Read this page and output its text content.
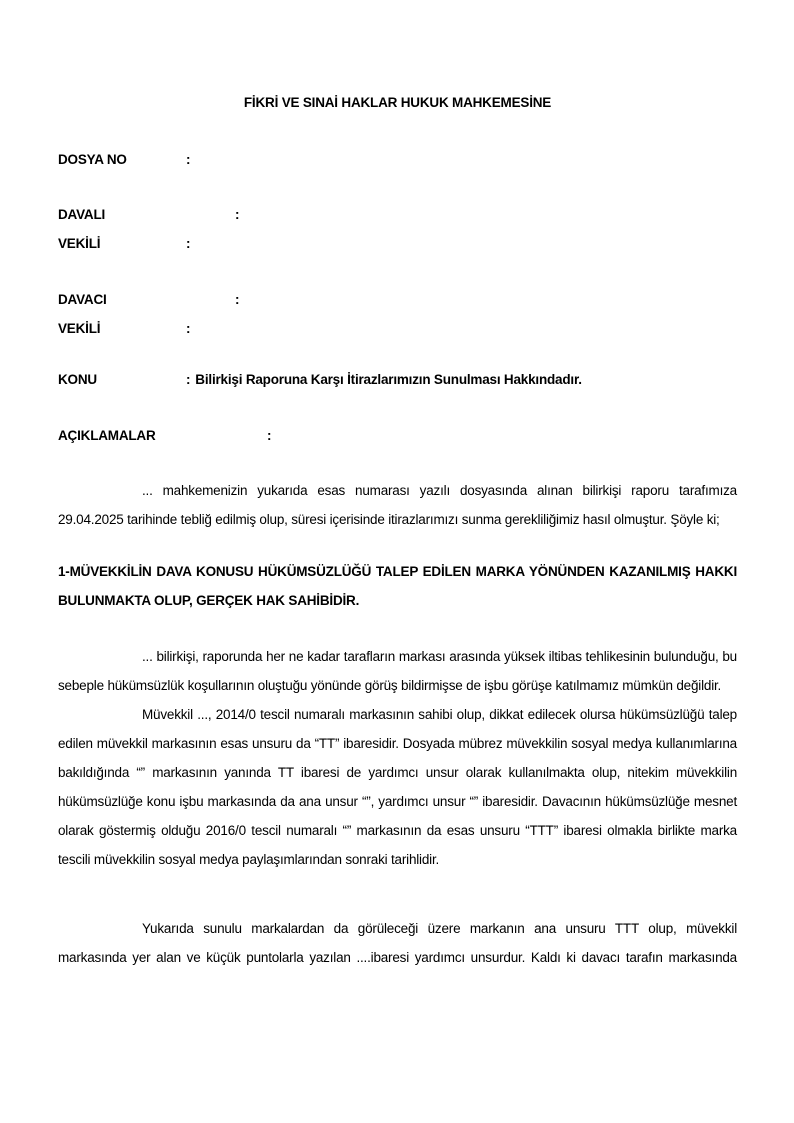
FİKRİ VE SINAİ HAKLAR HUKUK MAHKEMESİNE
DOSYA NO	:
DAVALI	:
VEKİLİ	:
DAVACI	:
VEKİLİ	:
KONU	: Bilirkişi Raporuna Karşı İtirazlarımızın Sunulması Hakkındadır.
AÇIKLAMALAR	:

... mahkemenizin yukarıda esas numarası yazılı dosyasında alınan bilirkişi raporu tarafımıza 29.04.2025 tarihinde tebliğ edilmiş olup, süresi içerisinde itirazlarımızı sunma gerekliliğimiz hasıl olmuştur. Şöyle ki;

1-MÜVEKKİLİN DAVA KONUSU HÜKÜMSÜZLÜĞÜ TALEP EDİLEN MARKA YÖNÜNDEN KAZANILMIŞ HAKKI BULUNMAKTA OLUP, GERÇEK HAK SAHİBİDİR.

... bilirkişi, raporunda her ne kadar tarafların markası arasında yüksek iltibas tehlikesinin bulunduğu, bu sebeple hükümsüzlük koşullarının oluştuğu yönünde görüş bildirmişse de işbu görüşe katılmamız mümkün değildir.

Müvekkil ..., 2014/0 tescil numaralı markasının sahibi olup, dikkat edilecek olursa hükümsüzlüğü talep edilen müvekkil markasının esas unsuru da “TT” ibaresidir. Dosyada mübrez müvekkilin sosyal medya kullanımlarına bakıldığında “” markasının yanında TT ibaresi de yardımcı unsur olarak kullanılmakta olup, nitekim müvekkilin hükümsüzlüğe konu işbu markasında da ana unsur “”, yardımcı unsur “” ibaresidir. Davacının hükümsüzlüğe mesnet olarak göstermiş olduğu 2016/0 tescil numaralı “” markasının da esas unsuru “TTT” ibaresi olmakla birlikte marka tescili müvekkilin sosyal medya paylaşımlarından sonraki tarihlidir.

Yukarıda sunulu markalardan da görüleceği üzere markanın ana unsuru TTT olup, müvekkil markasında yer alan ve küçük puntolarla yazılan ....ibaresi yardımcı unsurdur. Kaldı ki davacı tarafın markasında
